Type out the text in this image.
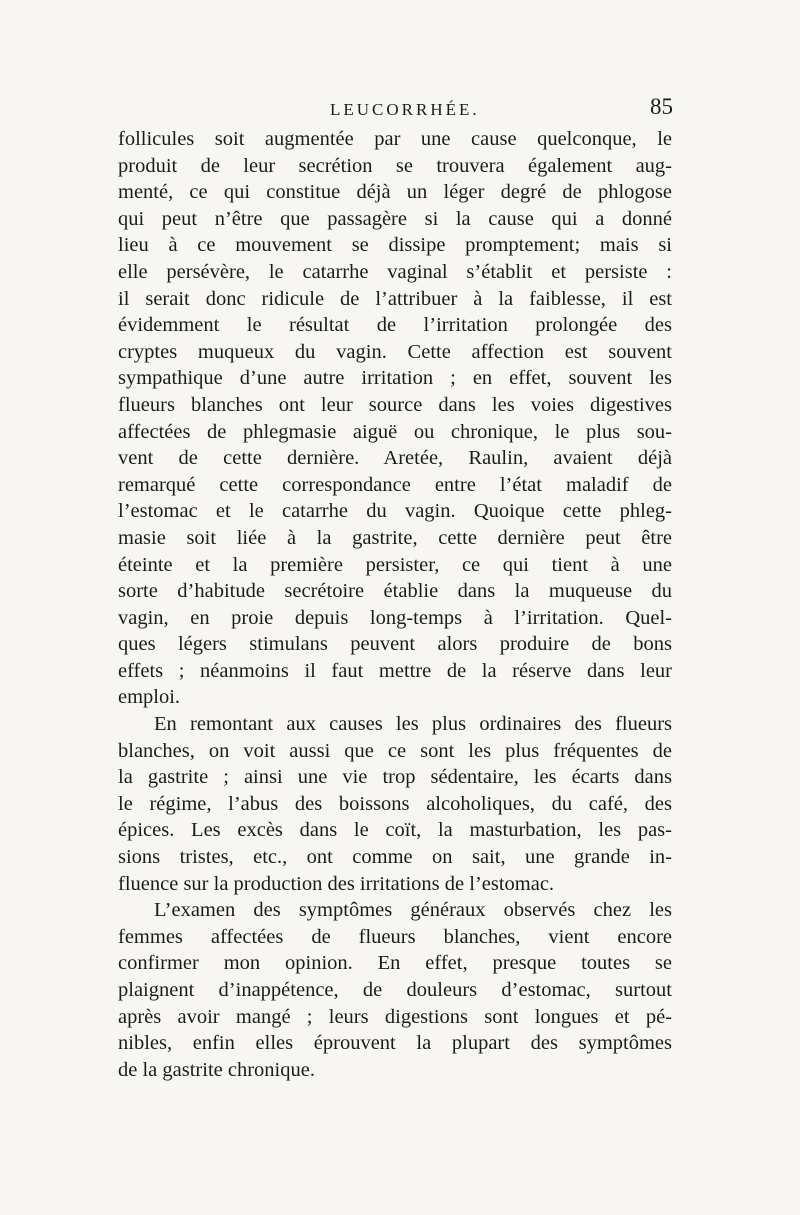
LEUCORRHÉE.	85
follicules soit augmentée par une cause quelconque, le
produit de leur secrétion se trouvera également aug-
menté, ce qui constitue déjà un léger degré de phlogose
qui peut n’être que passagère si la cause qui a donné
lieu à ce mouvement se dissipe promptement; mais si
elle persévère, le catarrhe vaginal s’établit et persiste :
il serait donc ridicule de l’attribuer à la faiblesse, il est
évidemment le résultat de l’irritation prolongée des
cryptes muqueux du vagin. Cette affection est souvent
sympathique d’une autre irritation ; en effet, souvent les
flueurs blanches ont leur source dans les voies digestives
affectées de phlegmasie aiguë ou chronique, le plus sou-
vent de cette dernière. Aretée, Raulin, avaient déjà
remarqué cette correspondance entre l’état maladif de
l’estomac et le catarrhe du vagin. Quoique cette phleg-
masie soit liée à la gastrite, cette dernière peut être
éteinte et la première persister, ce qui tient à une
sorte d’habitude secrétoire établie dans la muqueuse du
vagin, en proie depuis long-temps à l’irritation. Quel-
ques légers stimulans peuvent alors produire de bons
effets ; néanmoins il faut mettre de la réserve dans leur
emploi.
En remontant aux causes les plus ordinaires des flueurs
blanches, on voit aussi que ce sont les plus fréquentes de
la gastrite ; ainsi une vie trop sédentaire, les écarts dans
le régime, l’abus des boissons alcoholiques, du café, des
épices. Les excès dans le coït, la masturbation, les pas-
sions tristes, etc., ont comme on sait, une grande in-
fluence sur la production des irritations de l’estomac.
L’examen des symptômes généraux observés chez les
femmes affectées de flueurs blanches, vient encore
confirmer mon opinion. En effet, presque toutes se
plaignent d’inappétence, de douleurs d’estomac, surtout
après avoir mangé ; leurs digestions sont longues et pé-
nibles, enfin elles éprouvent la plupart des symptômes
de la gastrite chronique.
